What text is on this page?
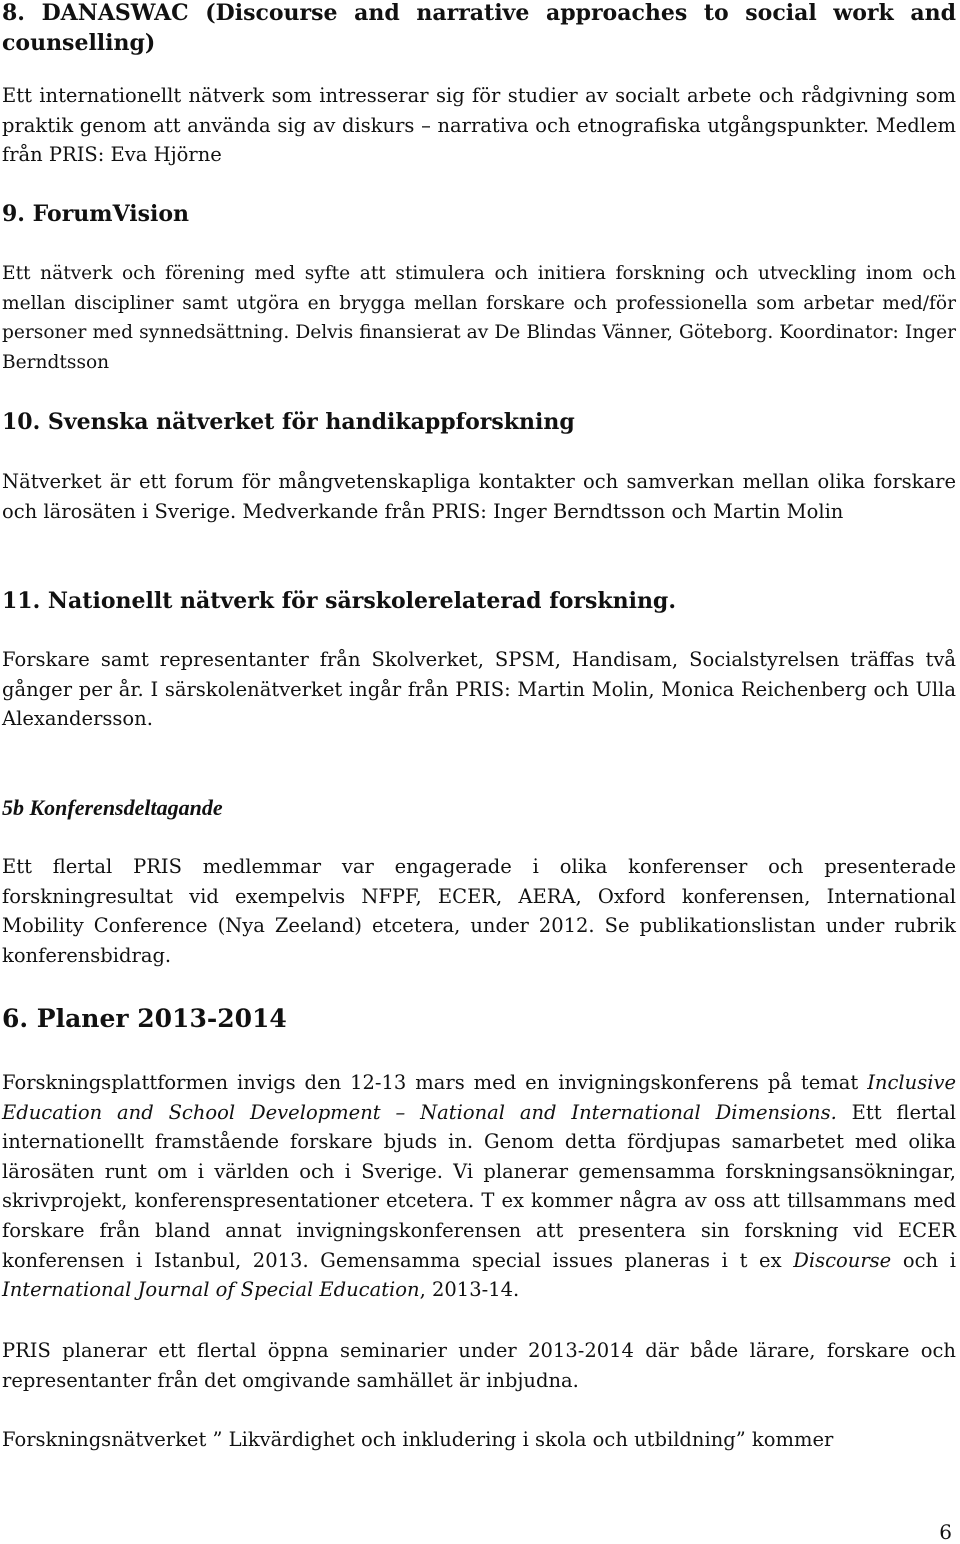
8. DANASWAC (Discourse and narrative approaches to social work and counselling)

Ett internationellt nätverk som intresserar sig för studier av socialt arbete och rådgivning som praktik genom att använda sig av diskurs – narrativa och etnografiska utgångspunkter. Medlem från PRIS: Eva Hjörne

9. ForumVision

Ett nätverk och förening med syfte att stimulera och initiera forskning och utveckling inom och mellan discipliner samt utgöra en brygga mellan forskare och professionella som arbetar med/för personer med synnedsättning. Delvis finansierat av De Blindas Vänner, Göteborg. Koordinator: Inger Berndtsson

10. Svenska nätverket för handikappforskning

Nätverket är ett forum för mångvetenskapliga kontakter och samverkan mellan olika forskare och lärosäten i Sverige. Medverkande från PRIS: Inger Berndtsson och Martin Molin

11. Nationellt nätverk för särskolerelaterad forskning.

Forskare samt representanter från Skolverket, SPSM, Handisam, Socialstyrelsen träffas två gånger per år. I särskolenätverket ingår från PRIS: Martin Molin, Monica Reichenberg och Ulla Alexandersson.

5b Konferensdeltagande

Ett flertal PRIS medlemmar var engagerade i olika konferenser och presenterade forskningresultat vid exempelvis NFPF, ECER, AERA, Oxford konferensen, International Mobility Conference (Nya Zeeland) etcetera, under 2012. Se publikationslistan under rubrik konferensbidrag.

6. Planer 2013-2014

Forskningsplattformen invigs den 12-13 mars med en invigningskonferens på temat Inclusive Education and School Development – National and International Dimensions. Ett flertal internationellt framstående forskare bjuds in. Genom detta fördjupas samarbetet med olika lärosäten runt om i världen och i Sverige. Vi planerar gemensamma forskningsansökningar, skrivprojekt, konferenspresentationer etcetera. T ex kommer några av oss att tillsammans med forskare från bland annat invigningskonferensen att presentera sin forskning vid ECER konferensen i Istanbul, 2013. Gemensamma special issues planeras i t ex Discourse och i International Journal of Special Education, 2013-14.

PRIS planerar ett flertal öppna seminarier under 2013-2014 där både lärare, forskare och representanter från det omgivande samhället är inbjudna.

Forskningsnätverket ” Likvärdighet och inkludering i skola och utbildning” kommer

6
